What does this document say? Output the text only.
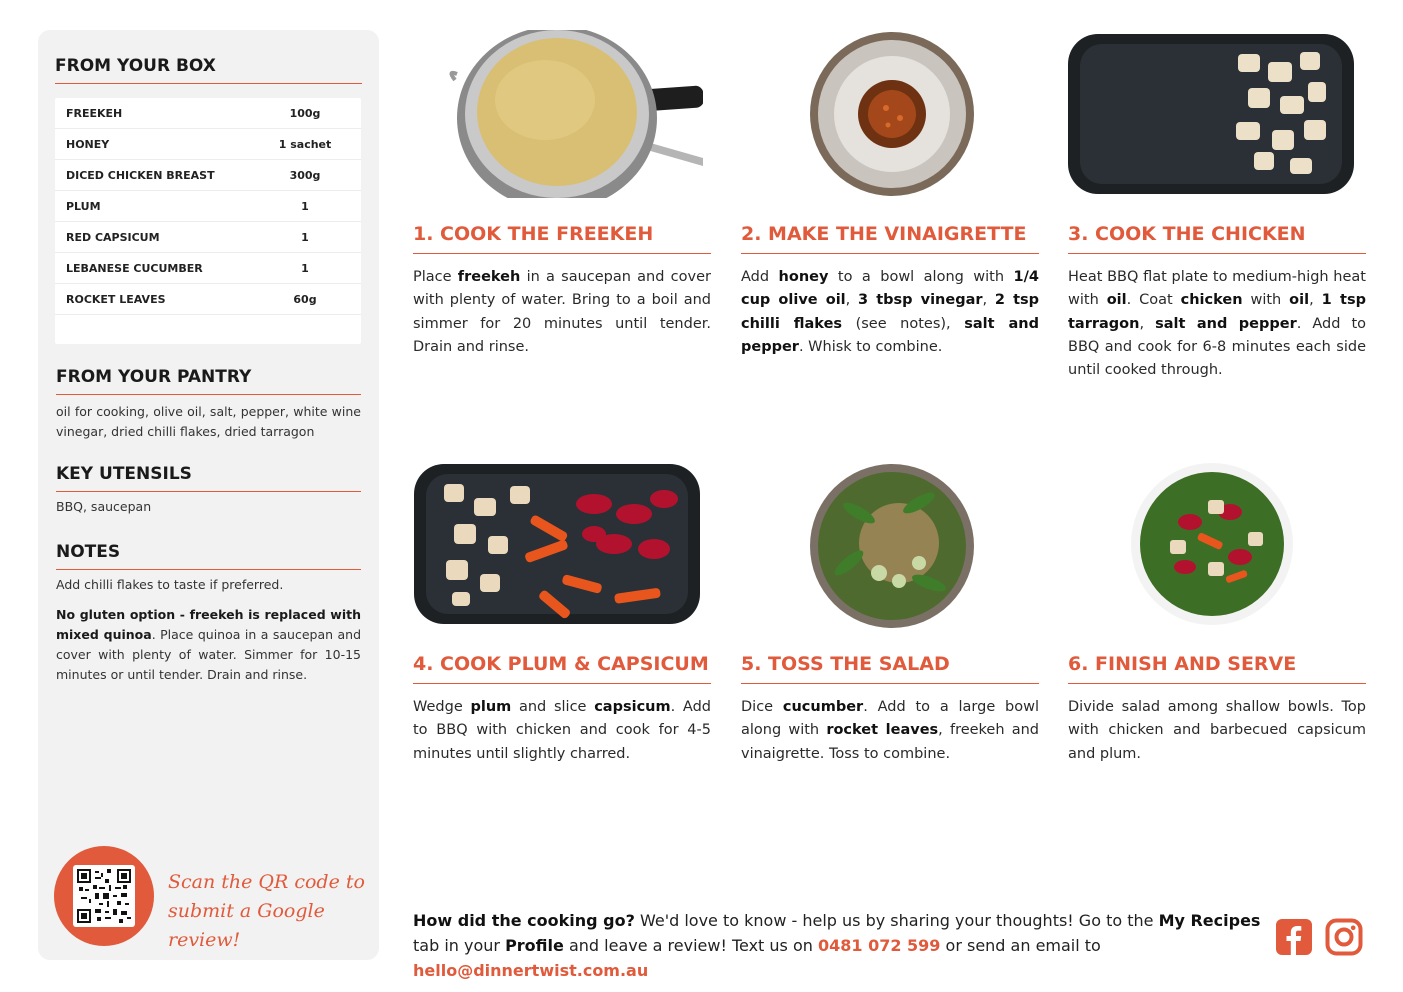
FROM YOUR BOX
FREEKEH	100g
HONEY	1 sachet
DICED CHICKEN BREAST	300g
PLUM	1
RED CAPSICUM	1
LEBANESE CUCUMBER	1
ROCKET LEAVES	60g
FROM YOUR PANTRY
oil for cooking, olive oil, salt, pepper, white wine vinegar, dried chilli flakes, dried tarragon
KEY UTENSILS
BBQ, saucepan
NOTES
Add chilli flakes to taste if preferred.
No gluten option - freekeh is replaced with mixed quinoa. Place quinoa in a saucepan and cover with plenty of water. Simmer for 10-15 minutes or until tender. Drain and rinse.
Scan the QR code to
submit a Google review!
1. COOK THE FREEKEH
Place freekeh in a saucepan and cover with plenty of water. Bring to a boil and simmer for 20 minutes until tender. Drain and rinse.
2. MAKE THE VINAIGRETTE
Add honey to a bowl along with 1/4 cup olive oil, 3 tbsp vinegar, 2 tsp chilli flakes (see notes), salt and pepper. Whisk to combine.
3. COOK THE CHICKEN
Heat BBQ flat plate to medium-high heat with oil. Coat chicken with oil, 1 tsp tarragon, salt and pepper. Add to BBQ and cook for 6-8 minutes each side until cooked through.
4. COOK PLUM & CAPSICUM
Wedge plum and slice capsicum. Add to BBQ with chicken and cook for 4-5 minutes until slightly charred.
5. TOSS THE SALAD
Dice cucumber. Add to a large bowl along with rocket leaves, freekeh and vinaigrette. Toss to combine.
6. FINISH AND SERVE
Divide salad among shallow bowls. Top with chicken and barbecued capsicum and plum.
How did the cooking go? We'd love to know - help us by sharing your thoughts! Go to the My Recipes tab in your Profile and leave a review! Text us on 0481 072 599 or send an email to hello@dinnertwist.com.au
